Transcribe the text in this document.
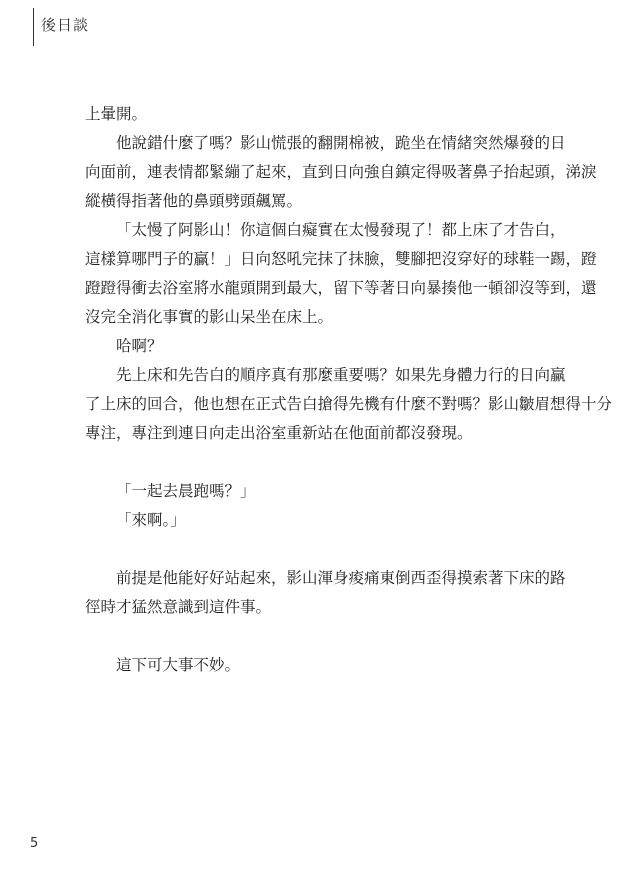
後日談
上暈開。
他說錯什麼了嗎？影山慌張的翻開棉被，跪坐在情緒突然爆發的日
向面前，連表情都緊繃了起來，直到日向強自鎮定得吸著鼻子抬起頭，涕淚
縱橫得指著他的鼻頭劈頭飆罵。
「太慢了阿影山！你這個白癡實在太慢發現了！都上床了才告白，
這樣算哪門子的贏！」日向怒吼完抹了抹臉，雙腳把沒穿好的球鞋一踢，蹬
蹬蹬得衝去浴室將水龍頭開到最大，留下等著日向暴揍他一頓卻沒等到，還
沒完全消化事實的影山呆坐在床上。
哈啊？
先上床和先告白的順序真有那麼重要嗎？如果先身體力行的日向贏
了上床的回合，他也想在正式告白搶得先機有什麼不對嗎？影山皺眉想得十分
專注，專注到連日向走出浴室重新站在他面前都沒發現。
「一起去晨跑嗎？」
「來啊。」
前提是他能好好站起來，影山渾身痠痛東倒西歪得摸索著下床的路
徑時才猛然意識到這件事。
這下可大事不妙。
5
